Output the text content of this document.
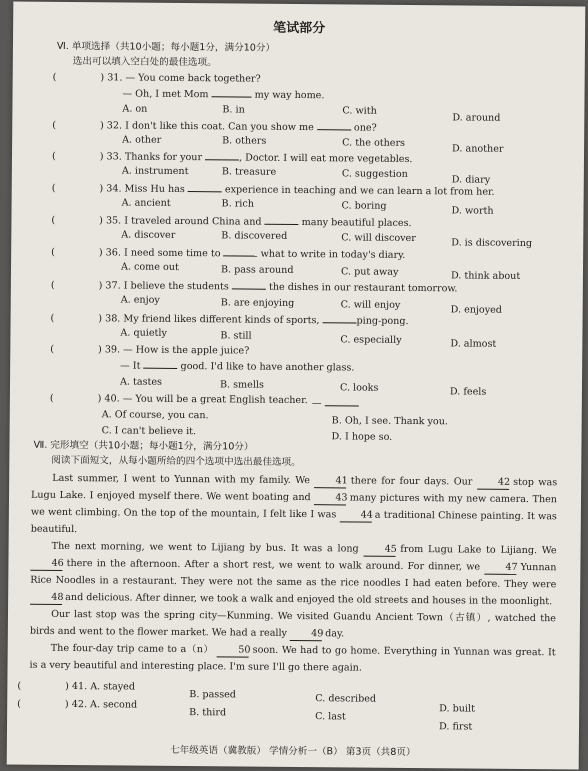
笔试部分
Ⅵ. 单项选择（共10小题；每小题1分，满分10分）
选出可以填入空白处的最佳选项。
(	) 31. — You come back together?
— Oh, I met Mom	my way home.
A. on	B. in	C. with
D. around
(	) 32. I don't like this coat. Can you show me	one?
A. other	B. others	C. the others
D. another
(	) 33. Thanks for your	, Doctor. I will eat more vegetables.
A. instrument	B. treasure	C. suggestion
D. diary
(	) 34. Miss Hu has	experience in teaching and we can learn a lot from her.
A. ancient	B. rich	C. boring	D. worth
(	) 35. I traveled around China and	many beautiful places.
A. discover	B. discovered	C. will discover	D. is discovering
(	) 36. I need some time to	what to write in today's diary.
A. come out	B. pass around	C. put away	D. think about
(	) 37. I believe the students	the dishes in our restaurant tomorrow.
A. enjoy	B. are enjoying	C. will enjoy	D. enjoyed
(	) 38. My friend likes different kinds of sports,	ping-pong.
A. quietly	B. still	C. especially	D. almost
(	) 39. — How is the apple juice?
— It	good. I'd like to have another glass.
A. tastes	B. smells	C. looks	D. feels
(	) 40. — You will be a great English teacher. —
A. Of course, you can.
B. Oh, I see. Thank you.
C. I can't believe it.	D. I hope so.
Ⅶ. 完形填空（共10小题；每小题1分，满分10分）
阅读下面短文，从每小题所给的四个选项中选出最佳选项。

Last summer, I went to Yunnan with my family. We 41 there for four days. Our 42 stop was Lugu Lake. I enjoyed myself there. We went boating and 43 many pictures with my new camera. Then we went climbing. On the top of the mountain, I felt like I was 44 a traditional Chinese painting. It was beautiful.

The next morning, we went to Lijiang by bus. It was a long 45 from Lugu Lake to Lijiang. We 46 there in the afternoon. After a short rest, we went to walk around. For dinner, we 47 Yunnan Rice Noodles in a restaurant. They were not the same as the rice noodles I had eaten before. They were 48 and delicious. After dinner, we took a walk and enjoyed the old streets and houses in the moonlight.

Our last stop was the spring city—Kunming. We visited Guandu Ancient Town（古镇）, watched the birds and went to the flower market. We had a really 49 day.

The four-day trip came to a（n） 50 soon. We had to go home. Everything in Yunnan was great. It is a very beautiful and interesting place. I'm sure I'll go there again.

(	) 41. A. stayed
B. passed	C. described
D. built
(	) 42. A. second
B. third	C. last
D. first
七年级英语（冀教版） 学情分析一（B） 第3页（共8页）
